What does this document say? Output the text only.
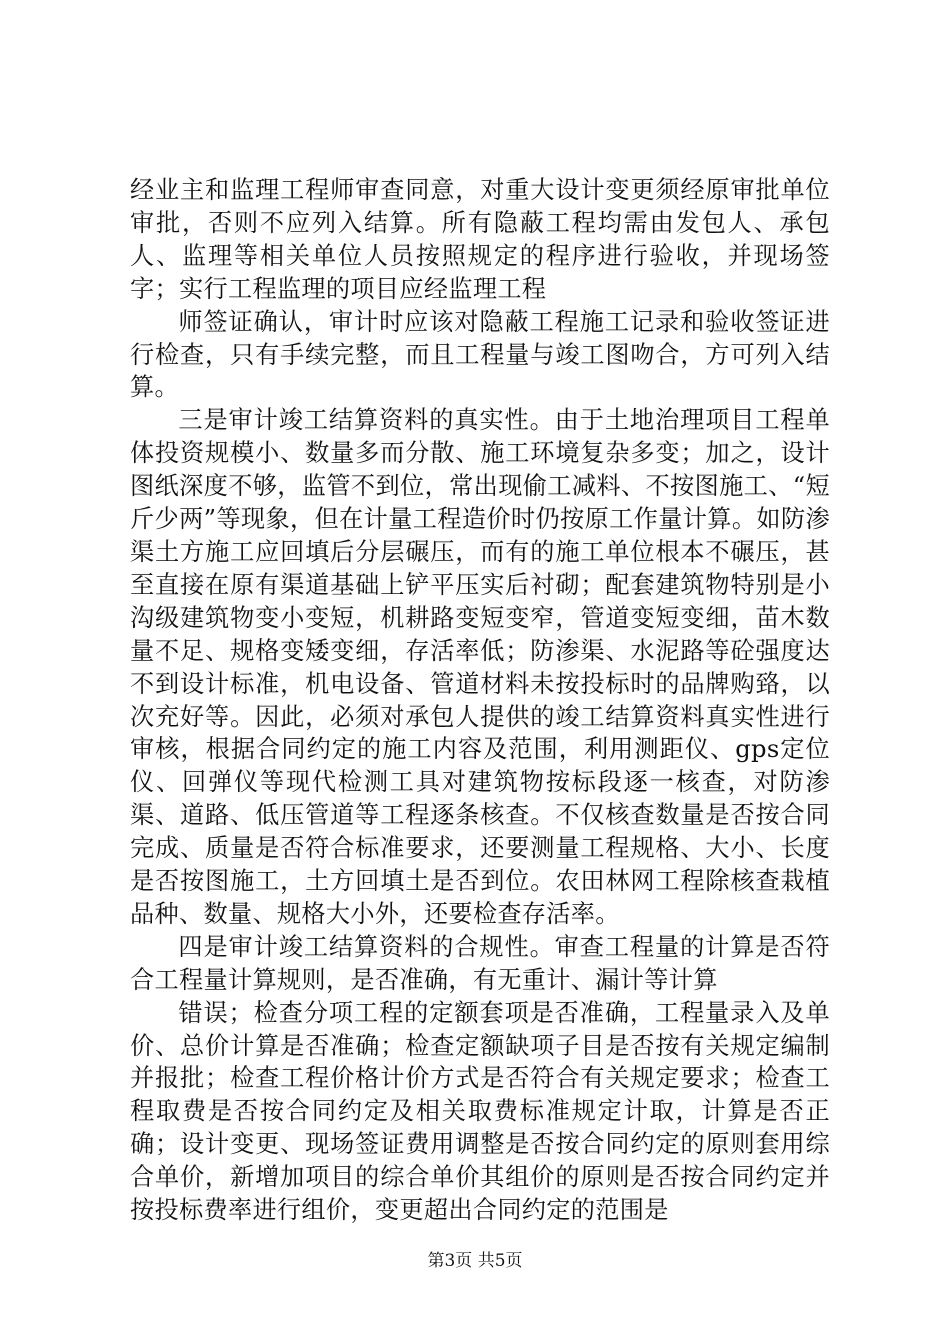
经业主和监理工程师审查同意，对重大设计变更须经原审批单位审批，否则不应列入结算。所有隐蔽工程均需由发包人、承包人、监理等相关单位人员按照规定的程序进行验收，并现场签字；实行工程监理的项目应经监理工程

师签证确认，审计时应该对隐蔽工程施工记录和验收签证进行检查，只有手续完整，而且工程量与竣工图吻合，方可列入结算。

三是审计竣工结算资料的真实性。由于土地治理项目工程单体投资规模小、数量多而分散、施工环境复杂多变；加之，设计图纸深度不够，监管不到位，常出现偷工减料、不按图施工、“短斤少两”等现象，但在计量工程造价时仍按原工作量计算。如防渗渠土方施工应回填后分层碾压，而有的施工单位根本不碾压，甚至直接在原有渠道基础上铲平压实后衬砌；配套建筑物特别是小沟级建筑物变小变短，机耕路变短变窄，管道变短变细，苗木数量不足、规格变矮变细，存活率低；防渗渠、水泥路等砼强度达不到设计标准，机电设备、管道材料未按投标时的品牌购臵，以次充好等。因此，必须对承包人提供的竣工结算资料真实性进行审核，根据合同约定的施工内容及范围，利用测距仪、gps定位仪、回弹仪等现代检测工具对建筑物按标段逐一核查，对防渗渠、道路、低压管道等工程逐条核查。不仅核查数量是否按合同完成、质量是否符合标准要求，还要测量工程规格、大小、长度是否按图施工，土方回填土是否到位。农田林网工程除核查栽植品种、数量、规格大小外，还要检查存活率。

四是审计竣工结算资料的合规性。审查工程量的计算是否符合工程量计算规则，是否准确，有无重计、漏计等计算

错误；检查分项工程的定额套项是否准确，工程量录入及单价、总价计算是否准确；检查定额缺项子目是否按有关规定编制并报批；检查工程价格计价方式是否符合有关规定要求；检查工程取费是否按合同约定及相关取费标准规定计取，计算是否正确；设计变更、现场签证费用调整是否按合同约定的原则套用综合单价，新增加项目的综合单价其组价的原则是否按合同约定并按投标费率进行组价，变更超出合同约定的范围是

第3页 共5页
